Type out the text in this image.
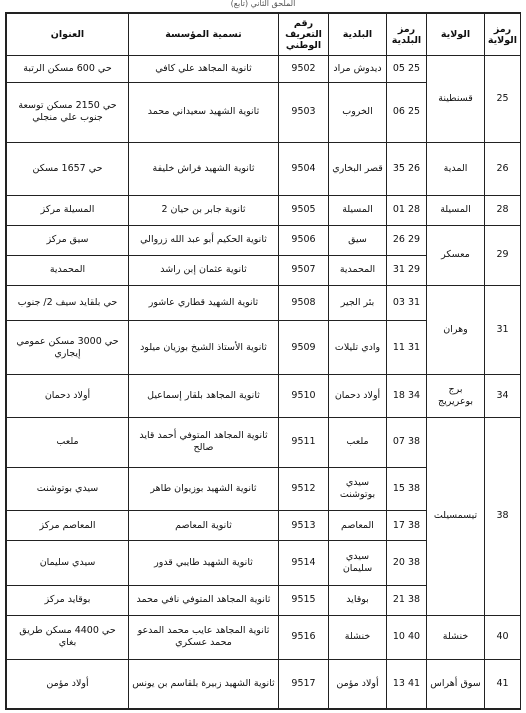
ﺍﻟﻤﻠﺤﻖ ﺍﻟﺜﺎﻧﻲ (ﺗﺎﺑﻊ)
رمز الولاية	الولاية	رمز البلدية	البلدية	رقم التعريف الوطني	تسمية المؤسسة	العنوان
25	قسنطينة	25 05	ديدوش مراد	9502	ثانوية المجاهد علي كافي	حي 600 مسكن الرتبة
		25 06	الخروب	9503	ثانوية الشهيد سعيداني محمد	حي 2150 مسكن توسعة جنوب علي منجلي
26	المدية	26 35	قصر البخاري	9504	ثانوية الشهيد فراش خليفة	حي 1657 مسكن
28	المسيلة	28 01	المسيلة	9505	ثانوية جابر بن حيان 2	المسيلة مركز
29	معسكر	29 26	سيق	9506	ثانوية الحكيم أبو عبد الله زروالي	سيق مركز
		29 31	المحمدية	9507	ثانوية عثمان إبن راشد	المحمدية
31	وهران	31 03	بئر الجير	9508	ثانوية الشهيد قطاري عاشور	حي بلقايد سيف 2/ جنوب
		31 11	وادي تليلات	9509	ثانوية الأستاذ الشيخ بوزيان ميلود	حي 3000 مسكن عمومي إيجاري
34	برج بوعريريج	34 18	أولاد دحمان	9510	ثانوية المجاهد بلقار إسماعيل	أولاد دحمان
38	تيسمسيلت	38 07	ملعب	9511	ثانوية المجاهد المتوفي أحمد قايد صالح	ملعب
		38 15	سيدي بوتوشنت	9512	ثانوية الشهيد بوزيوان طاهر	سيدي بوتوشنت
		38 17	المعاصم	9513	ثانوية المعاصم	المعاصم مركز
		38 20	سيدي سليمان	9514	ثانوية الشهيد طايبي قدور	سيدي سليمان
		38 21	بوقايد	9515	ثانوية المجاهد المتوفي نافي محمد	بوقايد مركز
40	خنشلة	40 10	خنشلة	9516	ثانوية المجاهد عايب محمد المدعو محمد عسكري	حي 4400 مسكن طريق بغاي
41	سوق أهراس	41 13	أولاد مؤمن	9517	ثانوية الشهيد زبيرة بلقاسم بن يونس	أولاد مؤمن
